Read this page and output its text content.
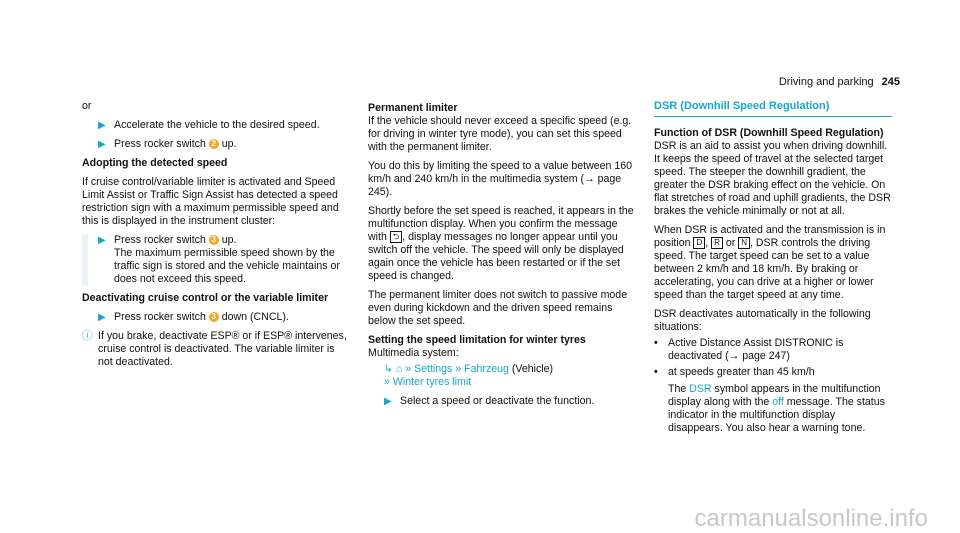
Driving and parking 245

or

▶ Accelerate the vehicle to the desired speed.
▶ Press rocker switch 2 up.

Adopting the detected speed

If cruise control/variable limiter is activated and Speed Limit Assist or Traffic Sign Assist has detected a speed restriction sign with a maximum permissible speed and this is displayed in the instrument cluster:

▶ Press rocker switch 3 up.
The maximum permissible speed shown by the traffic sign is stored and the vehicle maintains or does not exceed this speed.

Deactivating cruise control or the variable limiter

▶ Press rocker switch 3 down (CNCL).
ⓘ If you brake, deactivate ESP® or if ESP® intervenes, cruise control is deactivated. The variable limiter is not deactivated.

Permanent limiter

If the vehicle should never exceed a specific speed (e.g. for driving in winter tyre mode), you can set this speed with the permanent limiter.

You do this by limiting the speed to a value between 160 km/h and 240 km/h in the multimedia system (→ page 245).

Shortly before the set speed is reached, it appears in the multifunction display. When you confirm the message with ⮌ , display messages no longer appear until you switch off the vehicle. The speed will only be displayed again once the vehicle has been restarted or if the set speed is changed.

The permanent limiter does not switch to passive mode even during kickdown and the driven speed remains below the set speed.

Setting the speed limitation for winter tyres

Multimedia system:

↳ ⌂ » Settings » Fahrzeug (Vehicle)
» Winter tyres limit
▶ Select a speed or deactivate the function.
DSR (Downhill Speed Regulation)

Function of DSR (Downhill Speed Regulation)

DSR is an aid to assist you when driving downhill. It keeps the speed of travel at the selected target speed. The steeper the downhill gradient, the greater the DSR braking effect on the vehicle. On flat stretches of road and uphill gradients, the DSR brakes the vehicle minimally or not at all.

When DSR is activated and the transmission is in position D , R or N , DSR controls the driving speed. The target speed can be set to a value between 2 km/h and 18 km/h. By braking or accelerating, you can drive at a higher or lower speed than the target speed at any time.

DSR deactivates automatically in the following situations:

• Active Distance Assist DISTRONIC is deactivated (→ page 247)
• at speeds greater than 45 km/h

The DSR symbol appears in the multifunction display along with the off message. The status indicator in the multifunction display disappears. You also hear a warning tone.
carmanualsonline.info
